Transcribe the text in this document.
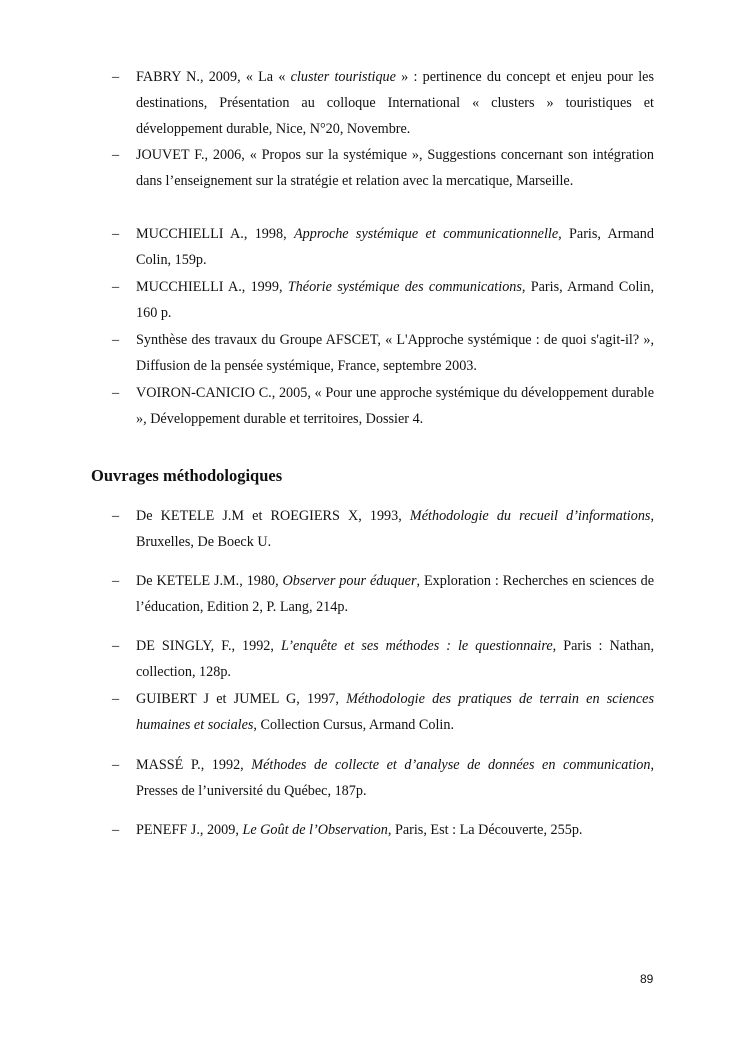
– FABRY N., 2009, « La « cluster touristique » : pertinence du concept et enjeu pour les destinations, Présentation au colloque International « clusters » touristiques et développement durable, Nice, N°20, Novembre.
– JOUVET F., 2006, « Propos sur la systémique », Suggestions concernant son intégration dans l’enseignement sur la stratégie et relation avec la mercatique, Marseille.
– MUCCHIELLI A., 1998, Approche systémique et communicationnelle, Paris, Armand Colin, 159p.
– MUCCHIELLI A., 1999, Théorie systémique des communications, Paris, Armand Colin, 160 p.
– Synthèse des travaux du Groupe AFSCET, « L'Approche systémique : de quoi s'agit-il? », Diffusion de la pensée systémique, France, septembre 2003.
– VOIRON-CANICIO C., 2005, « Pour une approche systémique du développement durable », Développement durable et territoires, Dossier 4.
Ouvrages méthodologiques
– De KETELE J.M et ROEGIERS X, 1993, Méthodologie du recueil d’informations, Bruxelles, De Boeck U.
– De KETELE J.M., 1980, Observer pour éduquer, Exploration : Recherches en sciences de l’éducation, Edition 2, P. Lang, 214p.
– DE SINGLY, F., 1992, L’enquête et ses méthodes : le questionnaire, Paris : Nathan, collection, 128p.
– GUIBERT J et JUMEL G, 1997, Méthodologie des pratiques de terrain en sciences humaines et sociales, Collection Cursus, Armand Colin.
– MASSÉ P., 1992, Méthodes de collecte et d’analyse de données en communication, Presses de l’université du Québec, 187p.
– PENEFF J., 2009, Le Goût de l’Observation, Paris, Est : La Découverte, 255p.
89
